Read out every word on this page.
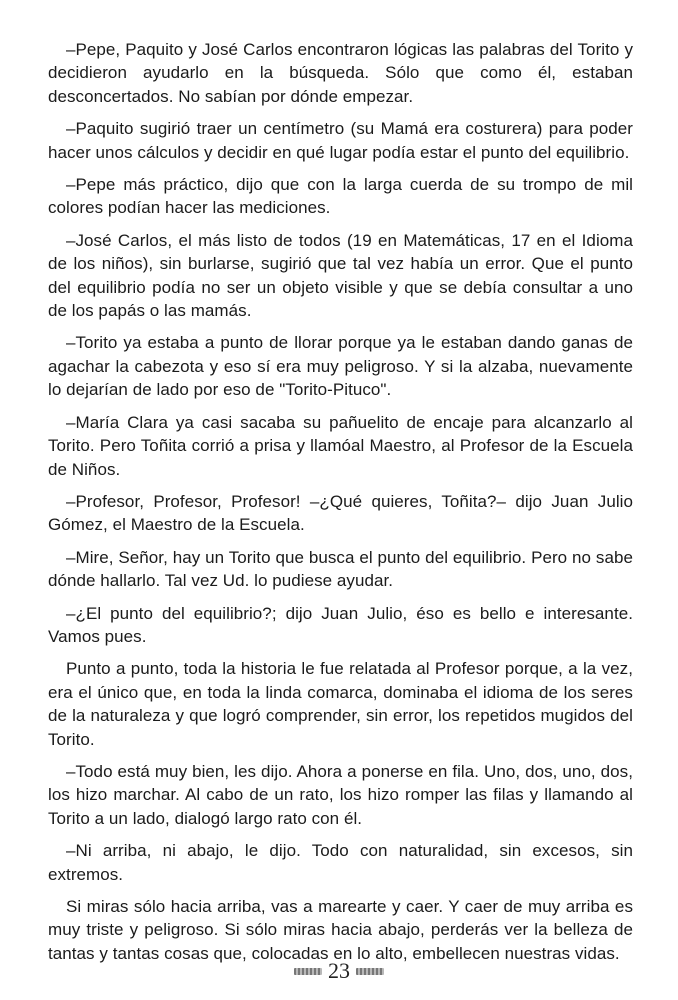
–Pepe, Paquito y José Carlos encontraron lógicas las palabras del Torito y decidieron ayudarlo en la búsqueda. Sólo que como él, estaban desconcertados. No sabían por dónde empezar.

–Paquito sugirió traer un centímetro (su Mamá era costurera) para poder hacer unos cálculos y decidir en qué lugar podía estar el punto del equilibrio.

–Pepe más práctico, dijo que con la larga cuerda de su trompo de mil colores podían hacer las mediciones.

–José Carlos, el más listo de todos (19 en Matemáticas, 17 en el Idioma de los niños), sin burlarse, sugirió que tal vez había un error. Que el punto del equilibrio podía no ser un objeto visible y que se debía consultar a uno de los papás o las mamás.

–Torito ya estaba a punto de llorar porque ya le estaban dando ganas de agachar la cabezota y eso sí era muy peligroso. Y si la alzaba, nuevamente lo dejarían de lado por eso de "Torito-Pituco".

–María Clara ya casi sacaba su pañuelito de encaje para alcanzarlo al Torito. Pero Toñita corrió a prisa y llamóal Maestro, al Profesor de la Escuela de Niños.

–Profesor, Profesor, Profesor! –¿Qué quieres, Toñita?– dijo Juan Julio Gómez, el Maestro de la Escuela.

–Mire, Señor, hay un Torito que busca el punto del equilibrio. Pero no sabe dónde hallarlo. Tal vez Ud. lo pudiese ayudar.

–¿El punto del equilibrio?; dijo Juan Julio, éso es bello e interesante. Vamos pues.

Punto a punto, toda la historia le fue relatada al Profesor porque, a la vez, era el único que, en toda la linda comarca, dominaba el idioma de los seres de la naturaleza y que logró comprender, sin error, los repetidos mugidos del Torito.

–Todo está muy bien, les dijo. Ahora a ponerse en fila. Uno, dos, uno, dos, los hizo marchar. Al cabo de un rato, los hizo romper las filas y llamando al Torito a un lado, dialogó largo rato con él.

–Ni arriba, ni abajo, le dijo. Todo con naturalidad, sin excesos, sin extremos.

Si miras sólo hacia arriba, vas a marearte y caer. Y caer de muy arriba es muy triste y peligroso. Si sólo miras hacia abajo, perderás ver la belleza de tantas y tantas cosas que, colocadas en lo alto, embellecen nuestras vidas.

23
